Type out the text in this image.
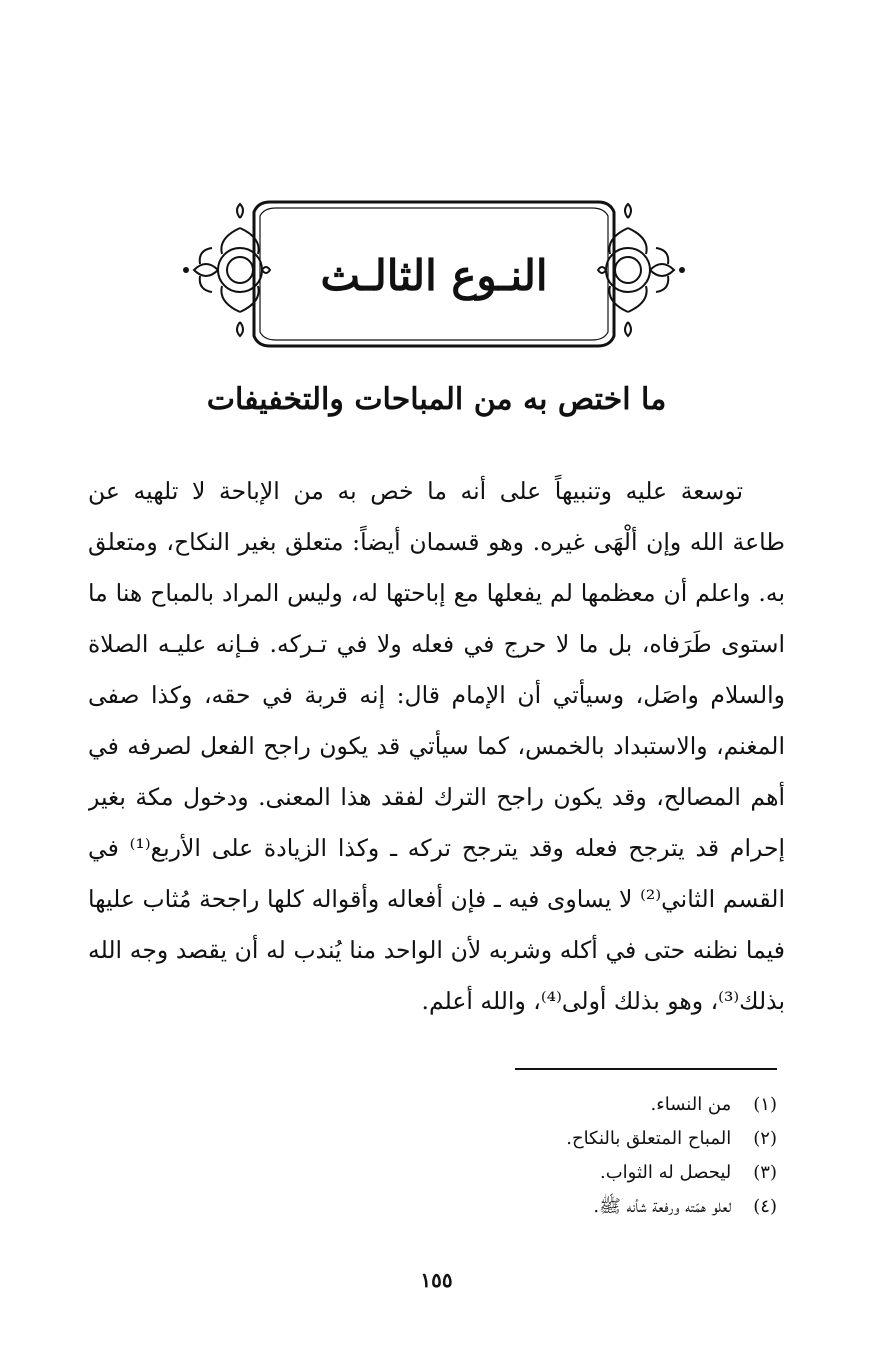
النـوع الثالـث
ما اختص به من المباحات والتخفيفات
توسعة عليه وتنبيهاً على أنه ما خص به من الإباحة لا تلهيه عن
طاعة الله وإن ألْهَى غيره. وهو قسمان أيضاً: متعلق بغير النكاح، ومتعلق
به. واعلم أن معظمها لم يفعلها مع إباحتها له، وليس المراد بالمباح هنا ما
استوى طَرَفاه، بل ما لا حرج في فعله ولا في تـركه. فـإنه عليـه الصلاة
والسلام واصَل، وسيأتي أن الإمام قال: إنه قربة في حقه، وكذا صفى
المغنم، والاستبداد بالخمس، كما سيأتي قد يكون راجح الفعل لصرفه في
أهم المصالح، وقد يكون راجح الترك لفقد هذا المعنى. ودخول مكة بغير
إحرام قد يترجح فعله وقد يترجح تركه ـ وكذا الزيادة على الأربع⁽¹⁾ في
القسم الثاني⁽²⁾ لا يساوى فيه ـ فإن أفعاله وأقواله كلها راجحة مُثاب عليها
فيما نظنه حتى في أكله وشربه لأن الواحد منا يُندب له أن يقصد وجه الله
بذلك⁽³⁾، وهو بذلك أولى⁽⁴⁾، والله أعلم.
(١) من النساء.
(٢) المباح المتعلق بالنكاح.
(٣) ليحصل له الثواب.
(٤) لعلو همّته ورفعة شأنه ﷺ.
١٥٥
